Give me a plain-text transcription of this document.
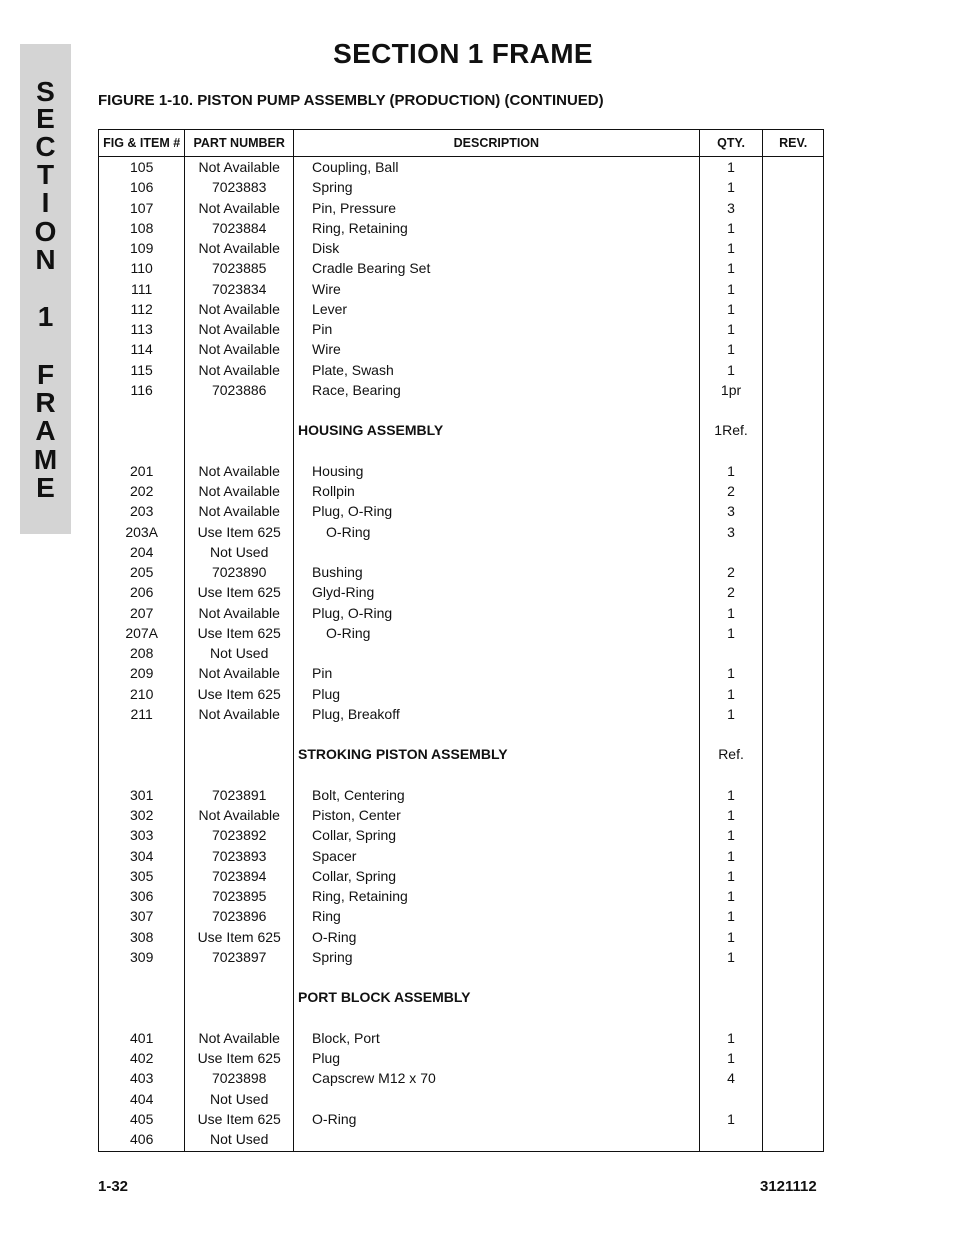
S
E
C
T
I
O
N
1
F
R
A
M
E
SECTION 1 FRAME
FIGURE 1-10. PISTON PUMP ASSEMBLY (PRODUCTION) (CONTINUED)
FIG & ITEM #	PART NUMBER	DESCRIPTION	QTY.	REV.
105	Not Available	Coupling, Ball	1	
106	7023883	Spring	1	
107	Not Available	Pin, Pressure	3	
108	7023884	Ring, Retaining	1	
109	Not Available	Disk	1	
110	7023885	Cradle Bearing Set	1	
111	7023834	Wire	1	
112	Not Available	Lever	1	
113	Not Available	Pin	1	
114	Not Available	Wire	1	
115	Not Available	Plate, Swash	1	
116	7023886	Race, Bearing	1pr	

		HOUSING ASSEMBLY	1Ref.	

201	Not Available	Housing	1	
202	Not Available	Rollpin	2	
203	Not Available	Plug, O-Ring	3	
203A	Use Item 625	O-Ring	3	
204	Not Used			
205	7023890	Bushing	2	
206	Use Item 625	Glyd-Ring	2	
207	Not Available	Plug, O-Ring	1	
207A	Use Item 625	O-Ring	1	
208	Not Used			
209	Not Available	Pin	1	
210	Use Item 625	Plug	1	
211	Not Available	Plug, Breakoff	1	

		STROKING PISTON ASSEMBLY	Ref.	

301	7023891	Bolt, Centering	1	
302	Not Available	Piston, Center	1	
303	7023892	Collar, Spring	1	
304	7023893	Spacer	1	
305	7023894	Collar, Spring	1	
306	7023895	Ring, Retaining	1	
307	7023896	Ring	1	
308	Use Item 625	O-Ring	1	
309	7023897	Spring	1	

		PORT BLOCK ASSEMBLY		

401	Not Available	Block, Port	1	
402	Use Item 625	Plug	1	
403	7023898	Capscrew M12 x 70	4	
404	Not Used			
405	Use Item 625	O-Ring	1	
406	Not Used			
1-32	3121112
